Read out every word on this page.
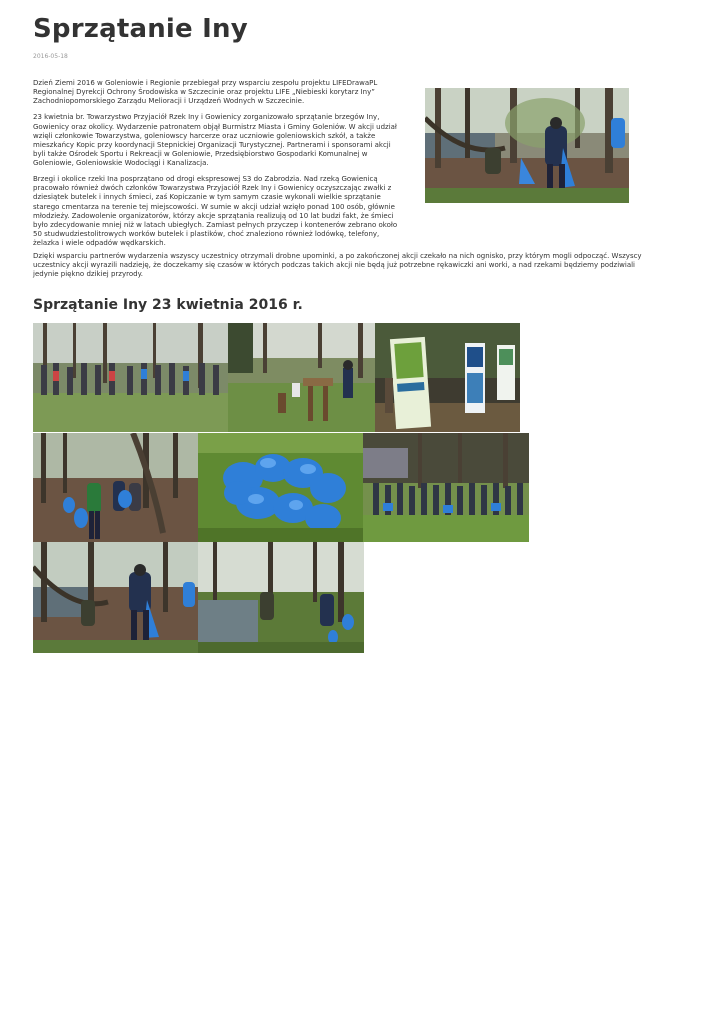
Sprzątanie Iny
2016-05-18

Dzień Ziemi 2016 w Goleniowie i Regionie przebiegał przy wsparciu zespołu projektu LIFEDrawaPL Regionalnej Dyrekcji Ochrony Środowiska w Szczecinie oraz projektu LIFE „Niebieski korytarz Iny” Zachodniopomorskiego Zarządu Melioracji i Urządzeń Wodnych w Szczecinie.

23 kwietnia br. Towarzystwo Przyjaciół Rzek Iny i Gowienicy zorganizowało sprzątanie brzegów Iny, Gowienicy oraz okolicy. Wydarzenie patronatem objął Burmistrz Miasta i Gminy Goleniów. W akcji udział wzięli członkowie Towarzystwa, goleniowscy harcerze oraz uczniowie goleniowskich szkół, a także mieszkańcy Kopic przy koordynacji Stepnickiej Organizacji Turystycznej. Partnerami i sponsorami akcji byli także Ośrodek Sportu i Rekreacji w Goleniowie, Przedsiębiorstwo Gospodarki Komunalnej w Goleniowie, Goleniowskie Wodociągi i Kanalizacja.

Brzegi i okolice rzeki Ina posprzątano od drogi ekspresowej S3 do Zabrodzia. Nad rzeką Gowienicą pracowało również dwóch członków Towarzystwa Przyjaciół Rzek Iny i Gowienicy oczyszczając zwałki z dziesiątek butelek i innych śmieci, zaś Kopiczanie w tym samym czasie wykonali wielkie sprzątanie starego cmentarza na terenie tej miejscowości. W sumie w akcji udział wzięło ponad 100 osób, głównie młodzieży. Zadowolenie organizatorów, którzy akcje sprzątania realizują od 10 lat budzi fakt, że śmieci było zdecydowanie mniej niż w latach ubiegłych. Zamiast pełnych przyczep i kontenerów zebrano około 50 studwudziestolitrowych worków butelek i plastików, choć znaleziono również lodówkę, telefony, żelazka i wiele odpadów wędkarskich.

Dzięki wsparciu partnerów wydarzenia wszyscy uczestnicy otrzymali drobne upominki, a po zakończonej akcji czekało na nich ognisko, przy którym mogli odpocząć. Wszyscy uczestnicy akcji wyrazili nadzieję, że doczekamy się czasów w których podczas takich akcji nie będą już potrzebne rękawiczki ani worki, a nad rzekami będziemy podziwiali jedynie piękno dzikiej przyrody.

Sprzątanie Iny 23 kwietnia 2016 r.
